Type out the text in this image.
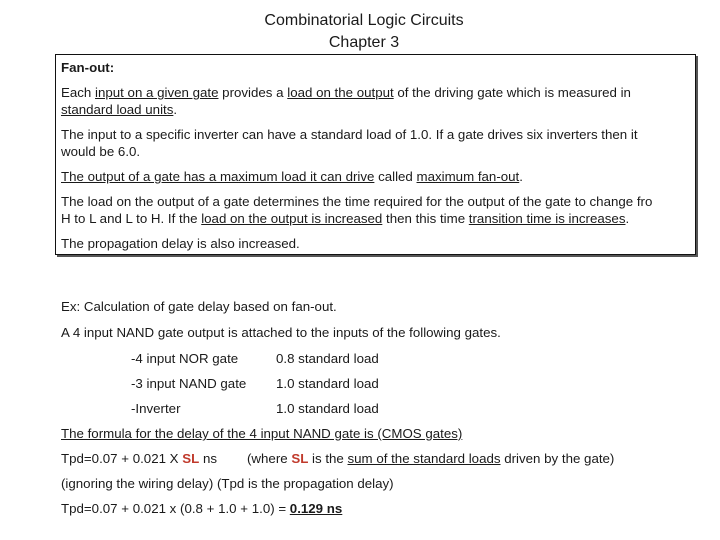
Combinatorial Logic Circuits
Chapter 3
Fan-out:
Each input on a given gate provides a load on the output of the driving gate which is measured in
standard load units.
The input to a specific inverter can have a standard load of 1.0. If a gate drives six inverters then it
would be 6.0.
The output of a gate has a maximum load it can drive called maximum fan-out.
The load on the output of a gate determines the time required for the output of the gate to change fro
H to L and L to H. If the load on the output is increased then this time transition time is increases.
The propagation delay is also increased.
Ex: Calculation of gate delay based on fan-out.
A 4 input NAND gate output is attached to the inputs of the following gates.
-4 input NOR gate	0.8 standard load
-3 input NAND gate 1.0 standard load
-Inverter	1.0 standard load
The formula for the delay of the 4 input NAND gate is (CMOS gates)
Tpd=0.07 + 0.021 X SL ns (where SL is the sum of the standard loads driven by the gate)
(ignoring the wiring delay) (Tpd is the propagation delay)
Tpd=0.07 + 0.021 x (0.8 + 1.0 + 1.0) = 0.129 ns
